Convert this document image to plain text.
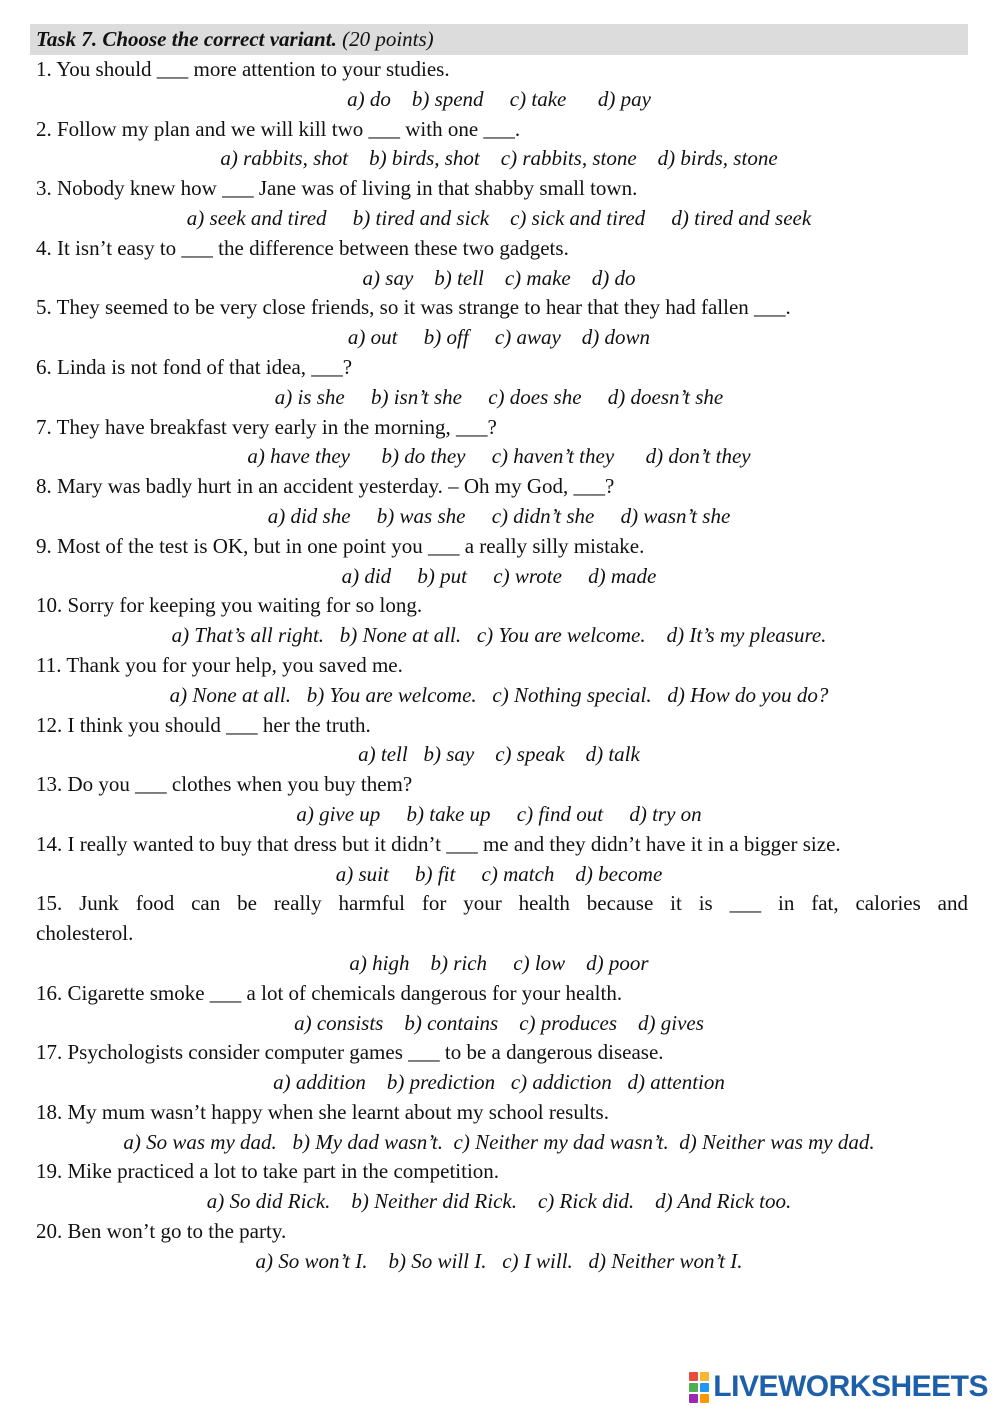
Task 7. Choose the correct variant. (20 points)
1. You should ___ more attention to your studies.
a) do    b) spend     c) take      d) pay
2. Follow my plan and we will kill two ___ with one ___.
a) rabbits, shot    b) birds, shot    c) rabbits, stone    d) birds, stone
3. Nobody knew how ___ Jane was of living in that shabby small town.
a) seek and tired     b) tired and sick    c) sick and tired     d) tired and seek
4. It isn’t easy to ___ the difference between these two gadgets.
a) say    b) tell    c) make    d) do
5. They seemed to be very close friends, so it was strange to hear that they had fallen ___.
a) out     b) off     c) away    d) down
6. Linda is not fond of that idea, ___?
a) is she     b) isn’t she     c) does she     d) doesn’t she
7. They have breakfast very early in the morning, ___?
a) have they      b) do they     c) haven’t they      d) don’t they
8. Mary was badly hurt in an accident yesterday. – Oh my God, ___?
a) did she     b) was she     c) didn’t she     d) wasn’t she
9. Most of the test is OK, but in one point you ___ a really silly mistake.
a) did     b) put     c) wrote     d) made
10. Sorry for keeping you waiting for so long.
a) That’s all right.   b) None at all.   c) You are welcome.    d) It’s my pleasure.
11. Thank you for your help, you saved me.
a) None at all.   b) You are welcome.   c) Nothing special.   d) How do you do?
12. I think you should ___ her the truth.
a) tell   b) say    c) speak    d) talk
13. Do you ___ clothes when you buy them?
a) give up     b) take up     c) find out     d) try on
14. I really wanted to buy that dress but it didn’t ___ me and they didn’t have it in a bigger size.
a) suit     b) fit     c) match    d) become
15. Junk food can be really harmful for your health because it is ___ in fat, calories and
cholesterol.
a) high    b) rich     c) low    d) poor
16. Cigarette smoke ___ a lot of chemicals dangerous for your health.
a) consists    b) contains    c) produces    d) gives
17. Psychologists consider computer games ___ to be a dangerous disease.
a) addition    b) prediction   c) addiction   d) attention
18. My mum wasn’t happy when she learnt about my school results.
a) So was my dad.   b) My dad wasn’t.  c) Neither my dad wasn’t.  d) Neither was my dad.
19. Mike practiced a lot to take part in the competition.
a) So did Rick.    b) Neither did Rick.    c) Rick did.    d) And Rick too.
20. Ben won’t go to the party.
a) So won’t I.    b) So will I.   c) I will.   d) Neither won’t I.
LIVEWORKSHEETS
